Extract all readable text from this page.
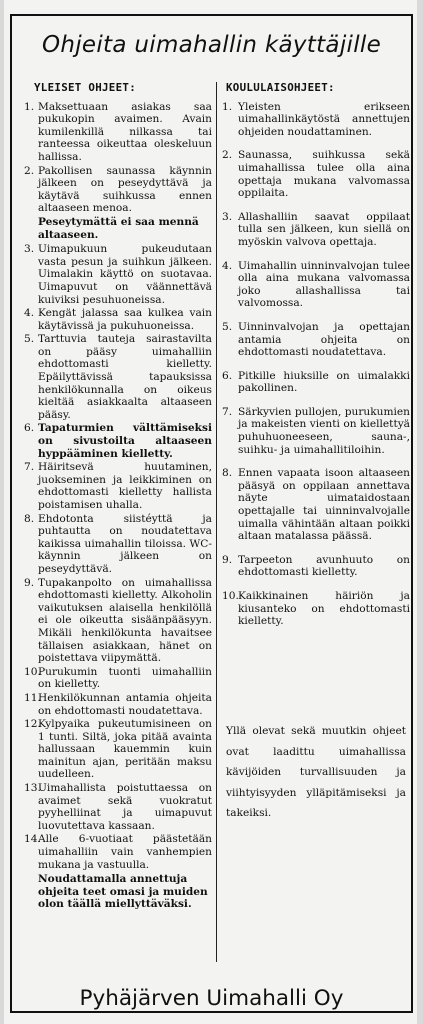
Ohjeita uimahallin käyttäjille
YLEISET OHJEET:
1. Maksettuaan asiakas saa pukukopin avaimen. Avain kumilenkillä nilkassa tai ranteessa oikeuttaa oleskeluun hallissa.
2. Pakollisen saunassa käynnin jälkeen on peseydyttävä ja käytävä suihkussa ennen altaaseen menoa.
Peseytymättä ei saa mennä altaaseen.
3. Uimapukuun pukeudutaan vasta pesun ja suihkun jälkeen. Uimalakin käyttö on suotavaa. Uimapuvut on väännettävä kuiviksi pesuhuoneissa.
4. Kengät jalassa saa kulkea vain käytävissä ja pukuhuoneissa.
5. Tarttuvia tauteja sairastavilta on pääsy uimahalliin ehdottomasti kielletty. Epäilyttävissä tapauksissa henkilökunnalla on oikeus kieltää asiakkaalta altaaseen pääsy.
6. Tapaturmien välttämiseksi on sivustoilta altaaseen hyppääminen kielletty.
7. Häiritsevä huutaminen, juokseminen ja leikkiminen on ehdottomasti kielletty hallista poistamisen uhalla.
8. Ehdotonta siistéyttä ja puhtautta on noudatettava kaikissa uimahallin tiloissa. WC-käynnin jälkeen on peseydyttävä.
9. Tupakanpolto on uimahallissa ehdottomasti kielletty. Alkoholin vaikutuksen alaisella henkilöllä ei ole oikeutta sisäänpääsyyn. Mikäli henkilökunta havaitsee tällaisen asiakkaan, hänet on poistettava viipymättä.
10.
Purukumin tuonti uimahalliin on kielletty.
11.
Henkilökunnan antamia ohjeita on ehdottomasti noudatettava.
12.
Kylpyaika pukeutumisineen on 1 tunti. Siltä, joka pitää avainta hallussaan kauemmin kuin mainitun ajan, peritään maksu uudelleen.
13.
Uimahallista poistuttaessa on avaimet sekä vuokratut pyyhelliinat ja uimapuvut luovutettava kassaan.
14.
Alle 6-vuotiaat päästetään uimahalliin vain vanhempien mukana ja vastuulla.
Noudattamalla annettuja ohjeita teet omasi ja muiden olon täällä miellyttäväksi.
KOULULAISOHJEET:
1. Yleisten erikseen uimahallinkäytöstä annettujen ohjeiden noudattaminen.
2. Saunassa, suihkussa sekä uimahallissa tulee olla aina opettaja mukana valvomassa oppilaita.
3. Allashalliin saavat oppilaat tulla sen jälkeen, kun siellä on myöskin valvova opettaja.
4. Uimahallin uinninvalvojan tulee olla aina mukana valvomassa joko allashallissa tai valvomossa.
5. Uinninvalvojan ja opettajan antamia ohjeita on ehdottomasti noudatettava.
6. Pitkille hiuksille on uimalakki pakollinen.
7. Särkyvien pullojen, purukumien ja makeisten vienti on kiellettyä puhuhuoneeseen, sauna-, suihku- ja uimahallitiloihin.
8. Ennen vapaata isoon altaaseen pääsyä on oppilaan annettava näyte uimataidostaan opettajalle tai uinninvalvojalle uimalla vähintään altaan poikki altaan matalassa päässä.
9. Tarpeeton avunhuuto on ehdottomasti kielletty.
10. Kaikkinainen häiriön ja kiusanteko on ehdottomasti kielletty.
Yllä olevat sekä muutkin ohjeet ovat laadittu uimahallissa kävijöiden turvallisuuden ja viihtyisyyden ylläpitämiseksi ja takeiksi.
Pyhäjärven Uimahalli Oy
